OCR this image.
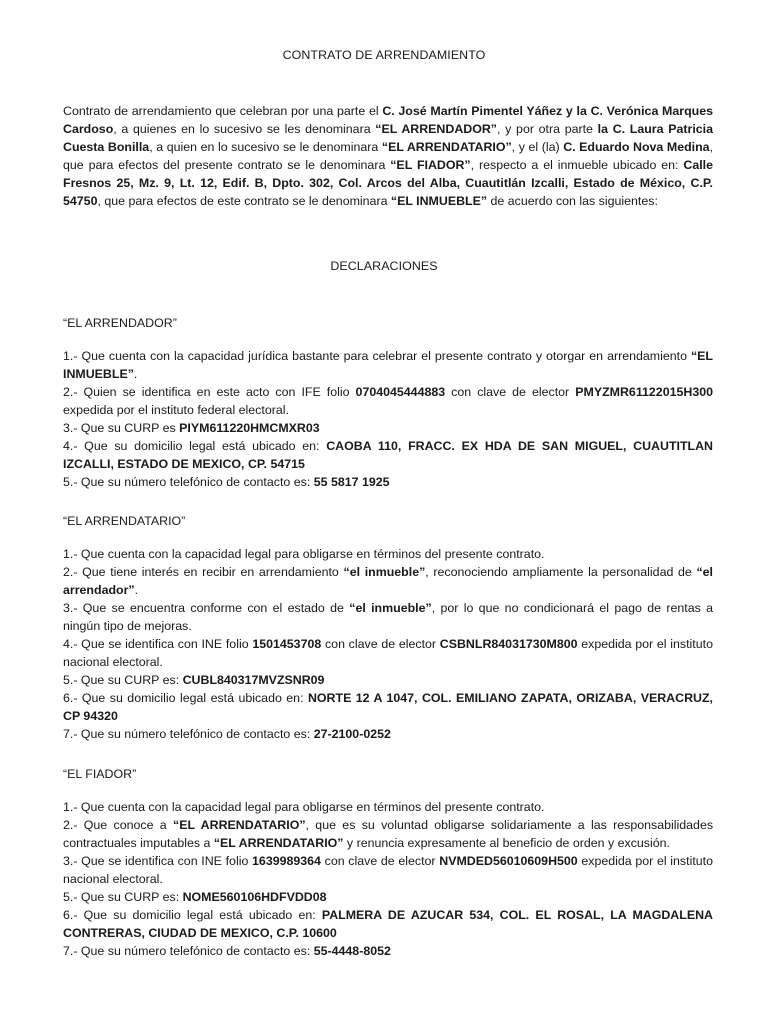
CONTRATO DE ARRENDAMIENTO

Contrato de arrendamiento que celebran por una parte el C. José Martín Pimentel Yáñez y la C. Verónica Marques Cardoso, a quienes en lo sucesivo se les denominara “EL ARRENDADOR”, y por otra parte la C. Laura Patricia Cuesta Bonilla, a quien en lo sucesivo se le denominara “EL ARRENDATARIO”, y el (la) C. Eduardo Nova Medina, que para efectos del presente contrato se le denominara “EL FIADOR”, respecto a el inmueble ubicado en: Calle Fresnos 25, Mz. 9, Lt. 12, Edif. B, Dpto. 302, Col. Arcos del Alba, Cuautitlán Izcalli, Estado de México, C.P. 54750, que para efectos de este contrato se le denominara “EL INMUEBLE” de acuerdo con las siguientes:

DECLARACIONES

“EL ARRENDADOR”

1.- Que cuenta con la capacidad jurídica bastante para celebrar el presente contrato y otorgar en arrendamiento “EL INMUEBLE”.

2.- Quien se identifica en este acto con IFE folio 0704045444883 con clave de elector PMYZMR61122015H300 expedida por el instituto federal electoral.

3.- Que su CURP es PIYM611220HMCMXR03

4.- Que su domicilio legal está ubicado en: CAOBA 110, FRACC. EX HDA DE SAN MIGUEL, CUAUTITLAN IZCALLI, ESTADO DE MEXICO, CP. 54715

5.- Que su número telefónico de contacto es: 55 5817 1925

“EL ARRENDATARIO”

1.- Que cuenta con la capacidad legal para obligarse en términos del presente contrato.

2.- Que tiene interés en recibir en arrendamiento “el inmueble”, reconociendo ampliamente la personalidad de “el arrendador”.

3.- Que se encuentra conforme con el estado de “el inmueble”, por lo que no condicionará el pago de rentas a ningún tipo de mejoras.

4.- Que se identifica con INE folio 1501453708 con clave de elector CSBNLR84031730M800 expedida por el instituto nacional electoral.

5.- Que su CURP es: CUBL840317MVZSNR09

6.- Que su domicilio legal está ubicado en: NORTE 12 A 1047, COL. EMILIANO ZAPATA, ORIZABA, VERACRUZ, CP 94320

7.- Que su número telefónico de contacto es: 27-2100-0252

“EL FIADOR”

1.- Que cuenta con la capacidad legal para obligarse en términos del presente contrato.

2.- Que conoce a “EL ARRENDATARIO”, que es su voluntad obligarse solidariamente a las responsabilidades contractuales imputables a “EL ARRENDATARIO” y renuncia expresamente al beneficio de orden y excusión.

3.- Que se identifica con INE folio 1639989364 con clave de elector NVMDED56010609H500 expedida por el instituto nacional electoral.

5.- Que su CURP es: NOME560106HDFVDD08

6.- Que su domicilio legal está ubicado en: PALMERA DE AZUCAR 534, COL. EL ROSAL, LA MAGDALENA CONTRERAS, CIUDAD DE MEXICO, C.P. 10600

7.- Que su número telefónico de contacto es: 55-4448-8052
